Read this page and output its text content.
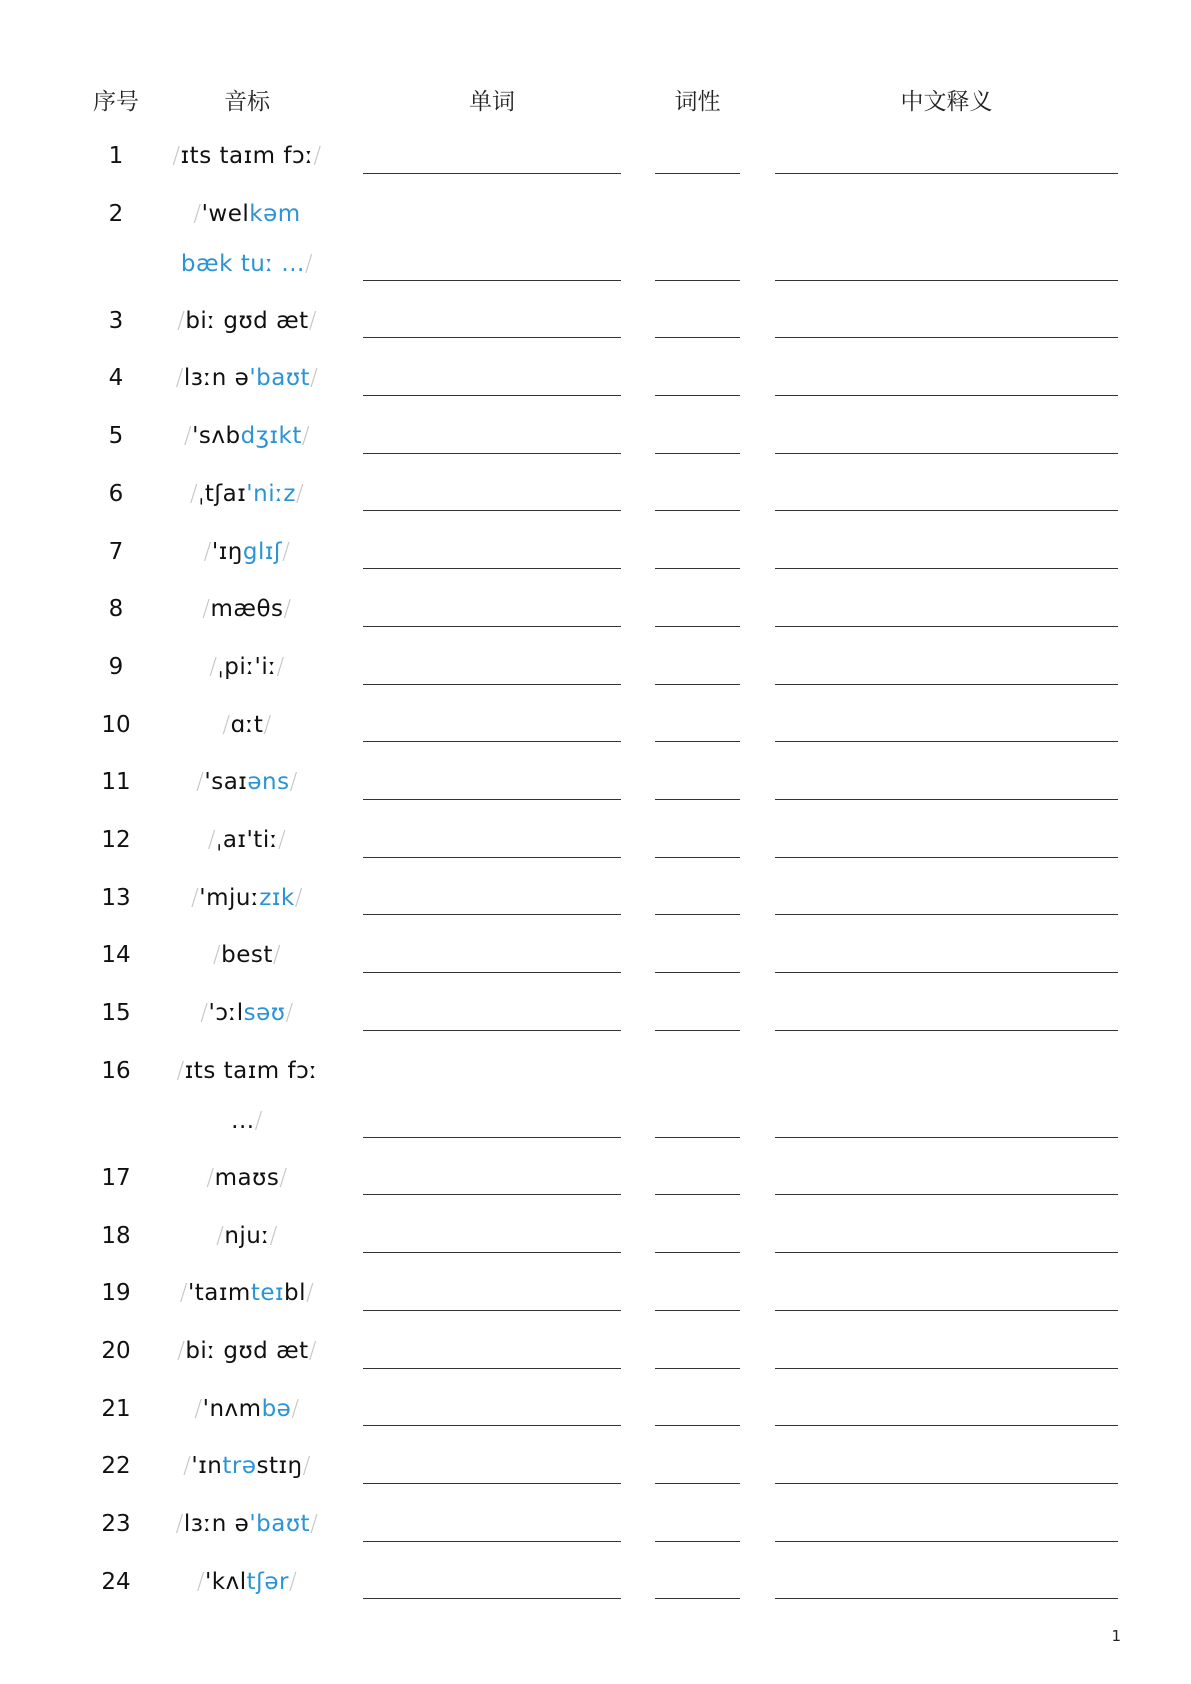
序号	音标	单词	词性	中文释义
1	/ɪts taɪm fɔː/
2	/'welkəm bæk tuː .../
3	/biː gʊd æt/
4	/lɜːn ə'baʊt/
5	/'sʌbdʒɪkt/
6	/ˌtʃaɪ'niːz/
7	/'ɪŋglɪʃ/
8	/mæθs/
9	/ˌpiː'iː/
10	/ɑːt/
11	/'saɪəns/
12	/ˌaɪ'tiː/
13	/'mjuːzɪk/
14	/best/
15	/'ɔːlsəʊ/
16	/ɪts taɪm fɔː .../
17	/maʊs/
18	/njuː/
19	/'taɪmteɪbl/
20	/biː gʊd æt/
21	/'nʌmbə/
22	/'ɪntrəstɪŋ/
23	/lɜːn ə'baʊt/
24	/'kʌltʃər/
1
